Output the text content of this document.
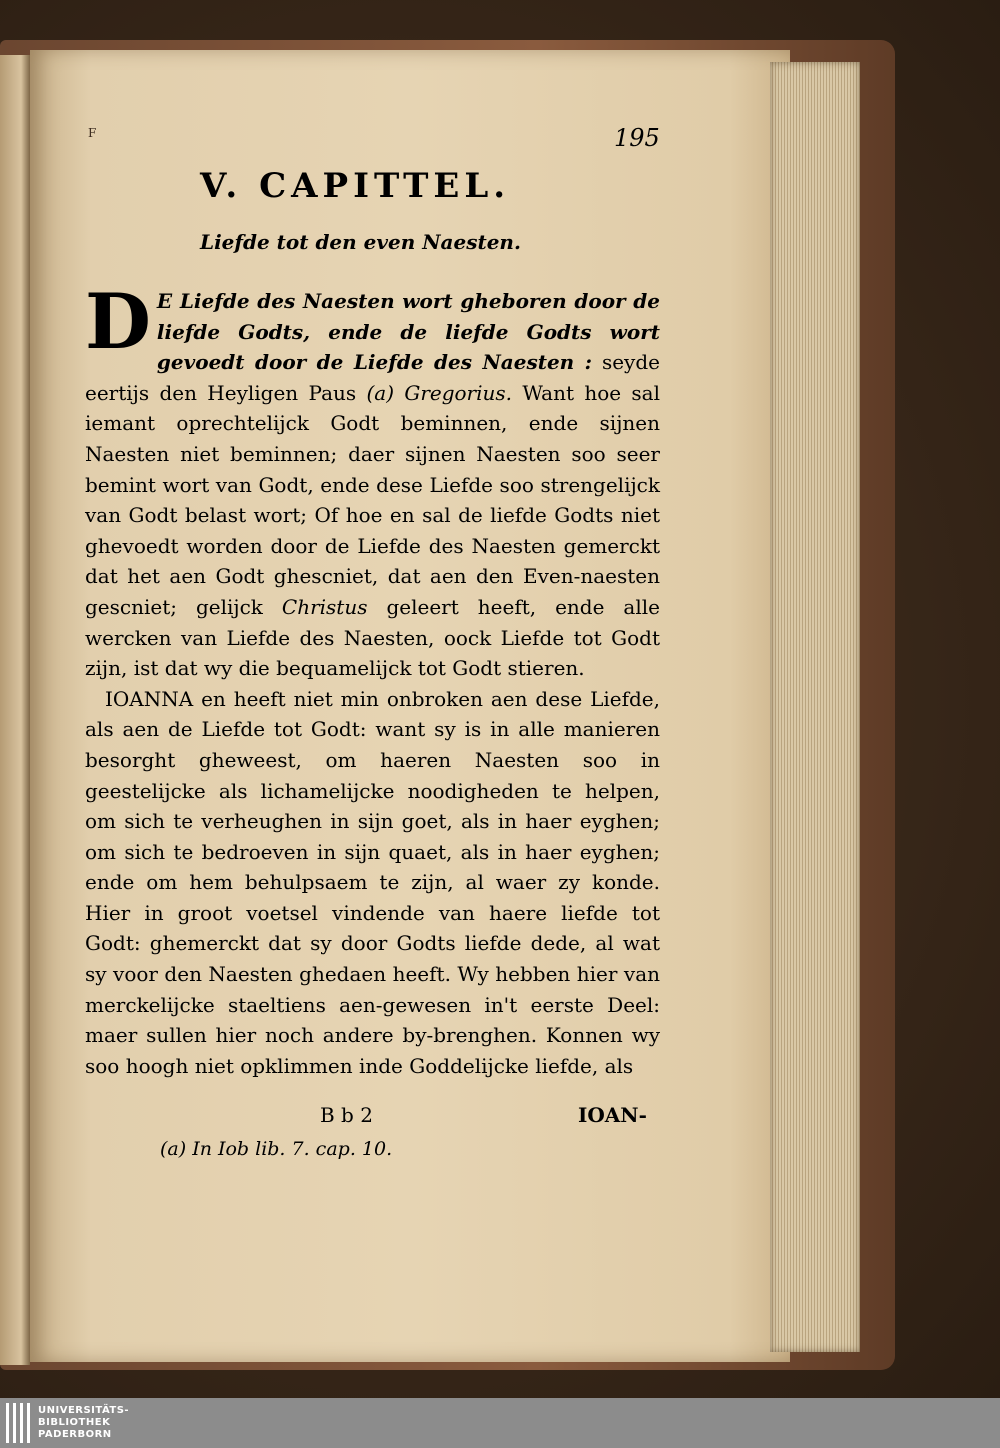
F	195
V. CAPITTEL.
Liefde tot den even Naesten.

D E Liefde des Naesten wort gheboren door de liefde Godts, ende de liefde Godts wort gevoedt door de Liefde des Naesten : seyde eertijs den Heyligen Paus (a) Gregorius. Want hoe sal iemant oprechtelijck Godt beminnen, ende sijnen Naesten niet beminnen; daer sijnen Naesten soo seer bemint wort van Godt, ende dese Liefde soo strengelijck van Godt belast wort; Of hoe en sal de liefde Godts niet ghevoedt worden door de Liefde des Naesten gemerckt dat het aen Godt ghescniet, dat aen den Even-naesten gescniet; gelijck Christus geleert heeft, ende alle wercken van Liefde des Naesten, oock Liefde tot Godt zijn, ist dat wy die bequamelijck tot Godt stieren.

IOANNA en heeft niet min onbroken aen dese Liefde, als aen de Liefde tot Godt: want sy is in alle manieren besorght gheweest, om haeren Naesten soo in geestelijcke als lichamelijcke noodigheden te helpen, om sich te verheughen in sijn goet, als in haer eyghen; om sich te bedroeven in sijn quaet, als in haer eyghen; ende om hem behulpsaem te zijn, al waer zy konde. Hier in groot voetsel vindende van haere liefde tot Godt: ghemerckt dat sy door Godts liefde dede, al wat sy voor den Naesten ghedaen heeft. Wy hebben hier van merckelijcke staeltiens aen-gewesen in't eerste Deel: maer sullen hier noch andere by-brenghen. Konnen wy soo hoogh niet opklimmen inde Goddelijcke liefde, als

B b 2	IOAN-
(a) In Iob lib. 7. cap. 10.
UNIVERSITÄTS-
BIBLIOTHEK
PADERBORN
